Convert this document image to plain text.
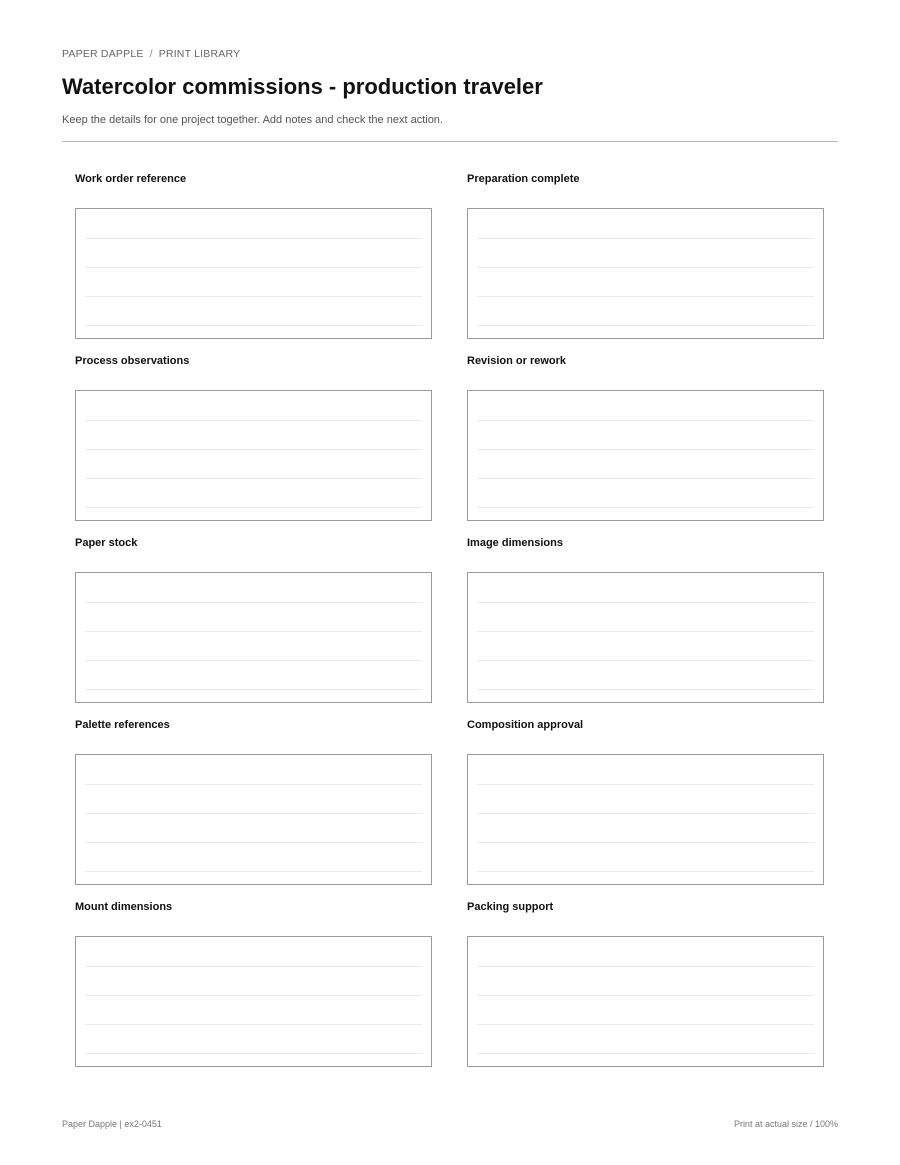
PAPER DAPPLE / PRINT LIBRARY
Watercolor commissions - production traveler

Keep the details for one project together. Add notes and check the next action.

Work order reference	Preparation complete
Process observations	Revision or rework
Paper stock	Image dimensions
Palette references	Composition approval
Mount dimensions	Packing support
Paper Dapple | ex2-0451	Print at actual size / 100%
